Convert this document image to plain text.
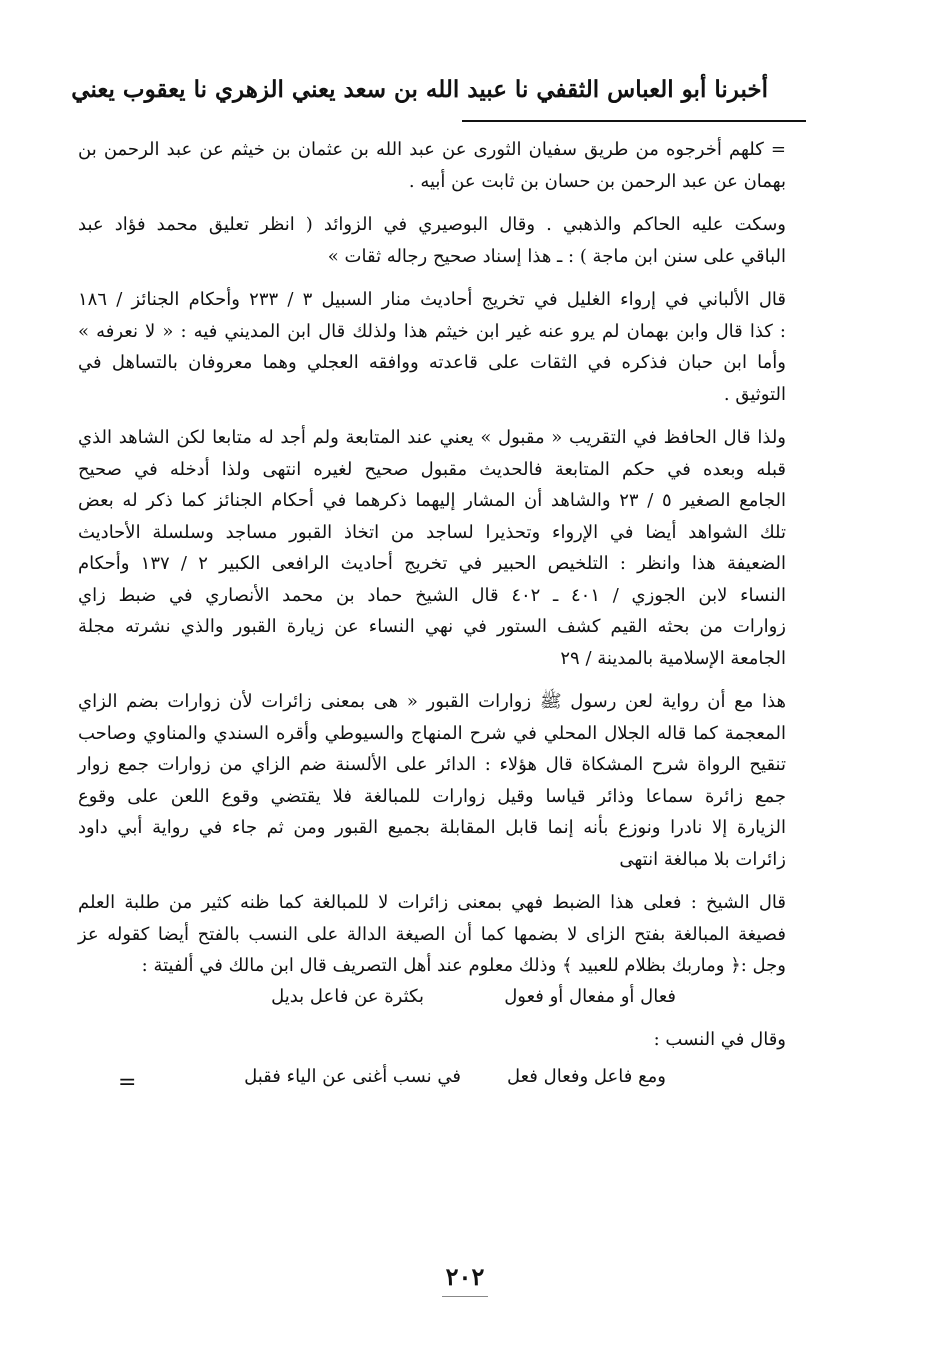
أخبرنا أبو العباس الثقفي نا عبيد الله بن سعد يعني الزهري نا يعقوب يعني
= كلهم أخرجوه من طريق سفيان الثورى عن عبد الله بن عثمان بن خيثم عن عبد الرحمن بن
بهمان عن عبد الرحمن بن حسان بن ثابت عن أبيه .
وسكت عليه الحاكم والذهبي . وقال البوصيري في الزوائد ( انظر تعليق محمد فؤاد عبد
الباقي على سنن ابن ماجة ) : ـ هذا إسناد صحيح رجاله ثقات »
قال الألباني في إرواء الغليل في تخريج أحاديث منار السبيل ٣ / ٢٣٣ وأحكام الجنائز / ١٨٦
: كذا قال وابن بهمان لم يرو عنه غير ابن خيثم هذا ولذلك قال ابن المديني فيه : « لا نعرفه »
وأما ابن حبان فذكره في الثقات على قاعدته ووافقه العجلي وهما معروفان بالتساهل في
التوثيق .
ولذا قال الحافظ في التقريب « مقبول » يعني عند المتابعة ولم أجد له متابعا لكن الشاهد الذي
قبله وبعده في حكم المتابعة فالحديث مقبول صحيح لغيره انتهى ولذا أدخله في صحيح
الجامع الصغير ٥ / ٢٣ والشاهد أن المشار إليهما ذكرهما في أحكام الجنائز كما ذكر له بعض
تلك الشواهد أيضا في الإرواء وتحذيرا لساجد من اتخاذ القبور مساجد وسلسلة الأحاديث
الضعيفة هذا وانظر : التلخيص الحبير في تخريج أحاديث الرافعى الكبير ٢ / ١٣٧ وأحكام
النساء لابن الجوزي / ٤٠١ ـ ٤٠٢ قال الشيخ حماد بن محمد الأنصاري في ضبط زاي
زوارات من بحثه القيم كشف الستور في نهي النساء عن زيارة القبور والذي نشرته مجلة
الجامعة الإسلامية بالمدينة / ٢٩
هذا مع أن رواية لعن رسول ﷺ زوارات القبور « هى بمعنى زائرات لأن زوارات بضم الزاي
المعجمة كما قاله الجلال المحلي في شرح المنهاج والسيوطي وأقره السندي والمناوي وصاحب
تنقيح الرواة شرح المشكاة قال هؤلاء : الدائر على الألسنة ضم الزاي من زوارات جمع زوار
جمع زائرة سماعا وذائر قياسا وقيل زوارات للمبالغة فلا يقتضي وقوع اللعن على وقوع
الزيارة إلا نادرا ونوزع بأنه إنما قابل المقابلة بجميع القبور ومن ثم جاء في رواية أبي داود
زائرات بلا مبالغة انتهى
قال الشيخ : فعلى هذا الضبط فهي بمعنى زائرات لا للمبالغة كما ظنه كثير من طلبة العلم
فصيغة المبالغة بفتح الزاى لا بضمها كما أن الصيغة الدالة على النسب بالفتح أيضا كقوله عز
وجل :﴿ وماربك بظلام للعبيد ﴾ وذلك معلوم عند أهل التصريف قال ابن مالك في ألفيتة :
فعال أو مفعال أو فعول
بكثرة عن فاعل بديل
وقال في النسب :
ومع فاعل وفعال فعل
في نسب أغنى عن الياء فقبل
=
٢٠٢
